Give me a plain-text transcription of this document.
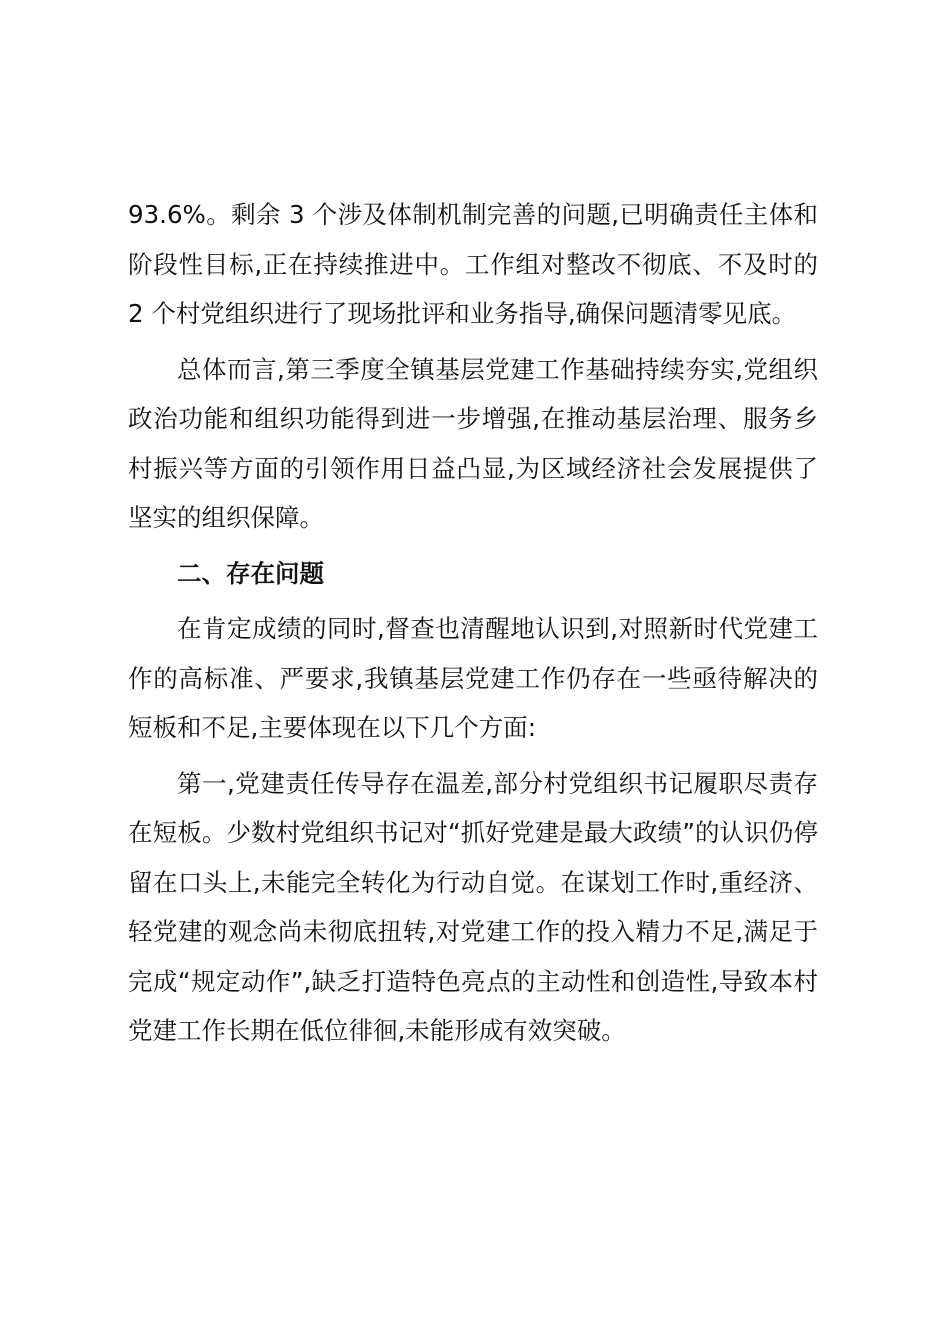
93.6%。剩余 3 个涉及体制机制完善的问题,已明确责任主体和阶段性目标,正在持续推进中。工作组对整改不彻底、不及时的 2 个村党组织进行了现场批评和业务指导,确保问题清零见底。

总体而言,第三季度全镇基层党建工作基础持续夯实,党组织政治功能和组织功能得到进一步增强,在推动基层治理、服务乡村振兴等方面的引领作用日益凸显,为区域经济社会发展提供了坚实的组织保障。

二、存在问题

在肯定成绩的同时,督查也清醒地认识到,对照新时代党建工作的高标准、严要求,我镇基层党建工作仍存在一些亟待解决的短板和不足,主要体现在以下几个方面:

第一,党建责任传导存在温差,部分村党组织书记履职尽责存在短板。少数村党组织书记对“抓好党建是最大政绩”的认识仍停留在口头上,未能完全转化为行动自觉。在谋划工作时,重经济、轻党建的观念尚未彻底扭转,对党建工作的投入精力不足,满足于完成“规定动作”,缺乏打造特色亮点的主动性和创造性,导致本村党建工作长期在低位徘徊,未能形成有效突破。
